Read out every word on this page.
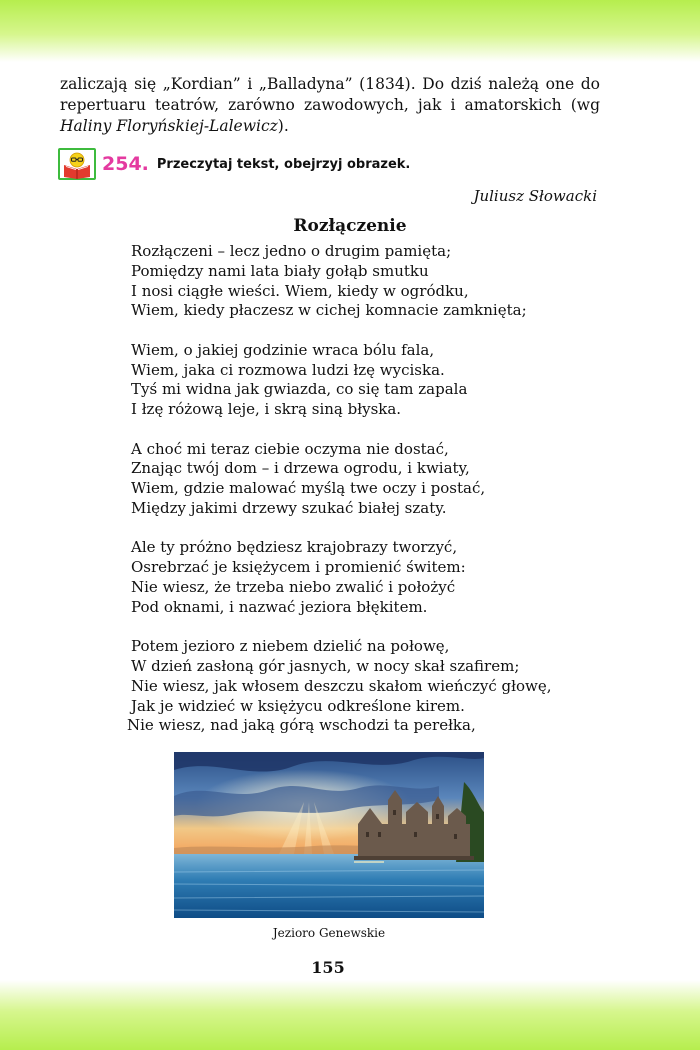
zaliczają się „Kordian” i „Balladyna” (1834). Do dziś należą one do repertuaru teatrów, zarówno zawodowych, jak i amatorskich (wg Haliny Floryńskiej-Lalewicz).
254. Przeczytaj tekst, obejrzyj obrazek.
Juliusz Słowacki
Rozłączenie
Rozłączeni – lecz jedno o drugim pamięta;
Pomiędzy nami lata biały gołąb smutku
I nosi ciągłe wieści. Wiem, kiedy w ogródku,
Wiem, kiedy płaczesz w cichej komnacie zamknięta;
Wiem, o jakiej godzinie wraca bólu fala,
Wiem, jaka ci rozmowa ludzi łzę wyciska.
Tyś mi widna jak gwiazda, co się tam zapala
I łzę różową leje, i skrą siną błyska.
A choć mi teraz ciebie oczyma nie dostać,
Znając twój dom – i drzewa ogrodu, i kwiaty,
Wiem, gdzie malować myślą twe oczy i postać,
Między jakimi drzewy szukać białej szaty.
Ale ty próżno będziesz krajobrazy tworzyć,
Osrebrzać je księżycem i promienić świtem:
Nie wiesz, że trzeba niebo zwalić i położyć
Pod oknami, i nazwać jeziora błękitem.
Potem jezioro z niebem dzielić na połowę,
W dzień zasłoną gór jasnych, w nocy skał szafirem;
Nie wiesz, jak włosem deszczu skałom wieńczyć głowę,
Jak je widzieć w księżycu odkreślone kirem.
Nie wiesz, nad jaką górą wschodzi ta perełka,
Jezioro Genewskie
155
